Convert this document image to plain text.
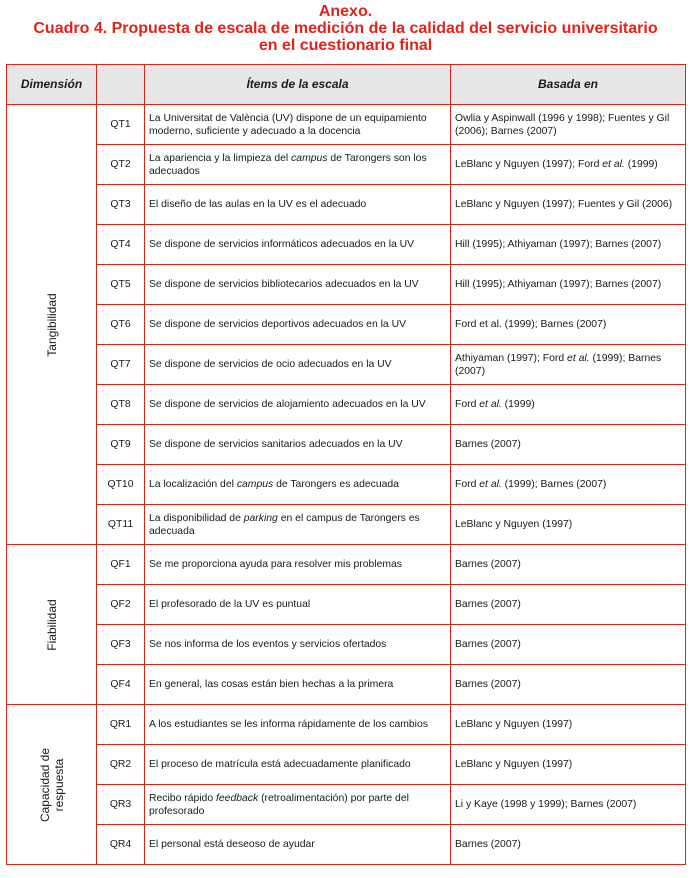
Anexo.
Cuadro 4. Propuesta de escala de medición de la calidad del servicio universitario
en el cuestionario final
Dimensión		Ítems de la escala	Basada en

Tangibilidad	QT1	La Universitat de València (UV) dispone de un equipamiento moderno, suficiente y adecuado a la docencia	Owlia y Aspinwall (1996 y 1998); Fuentes y Gil (2006); Barnes (2007)
	QT2	La apariencia y la limpieza del campus de Tarongers son los adecuados	LeBlanc y Nguyen (1997); Ford et al. (1999)
	QT3	El diseño de las aulas en la UV es el adecuado	LeBlanc y Nguyen (1997); Fuentes y Gil (2006)
	QT4	Se dispone de servicios informáticos adecuados en la UV	Hill (1995); Athiyaman (1997); Barnes (2007)
	QT5	Se dispone de servicios bibliotecarios adecuados en la UV	Hill (1995); Athiyaman (1997); Barnes (2007)
	QT6	Se dispone de servicios deportivos adecuados en la UV	Ford et al. (1999); Barnes (2007)
	QT7	Se dispone de servicios de ocio adecuados en la UV	Athiyaman (1997); Ford et al. (1999); Barnes (2007)
	QT8	Se dispone de servicios de alojamiento adecuados en la UV	Ford et al. (1999)
	QT9	Se dispone de servicios sanitarios adecuados en la UV	Barnes (2007)
	QT10	La localización del campus de Tarongers es adecuada	Ford et al. (1999); Barnes (2007)
	QT11	La disponibilidad de parking en el campus de Tarongers es adecuada	LeBlanc y Nguyen (1997)

Fiabilidad	QF1	Se me proporciona ayuda para resolver mis problemas	Barnes (2007)
	QF2	El profesorado de la UV es puntual	Barnes (2007)
	QF3	Se nos informa de los eventos y servicios ofertados	Barnes (2007)
	QF4	En general, las cosas están bien hechas a la primera	Barnes (2007)

Capacidad de respuesta	QR1	A los estudiantes se les informa rápidamente de los cambios	LeBlanc y Nguyen (1997)
	QR2	El proceso de matrícula está adecuadamente planificado	LeBlanc y Nguyen (1997)
	QR3	Recibo rápido feedback (retroalimentación) por parte del profesorado	Li y Kaye (1998 y 1999); Barnes (2007)
	QR4	El personal está deseoso de ayudar	Barnes (2007)
